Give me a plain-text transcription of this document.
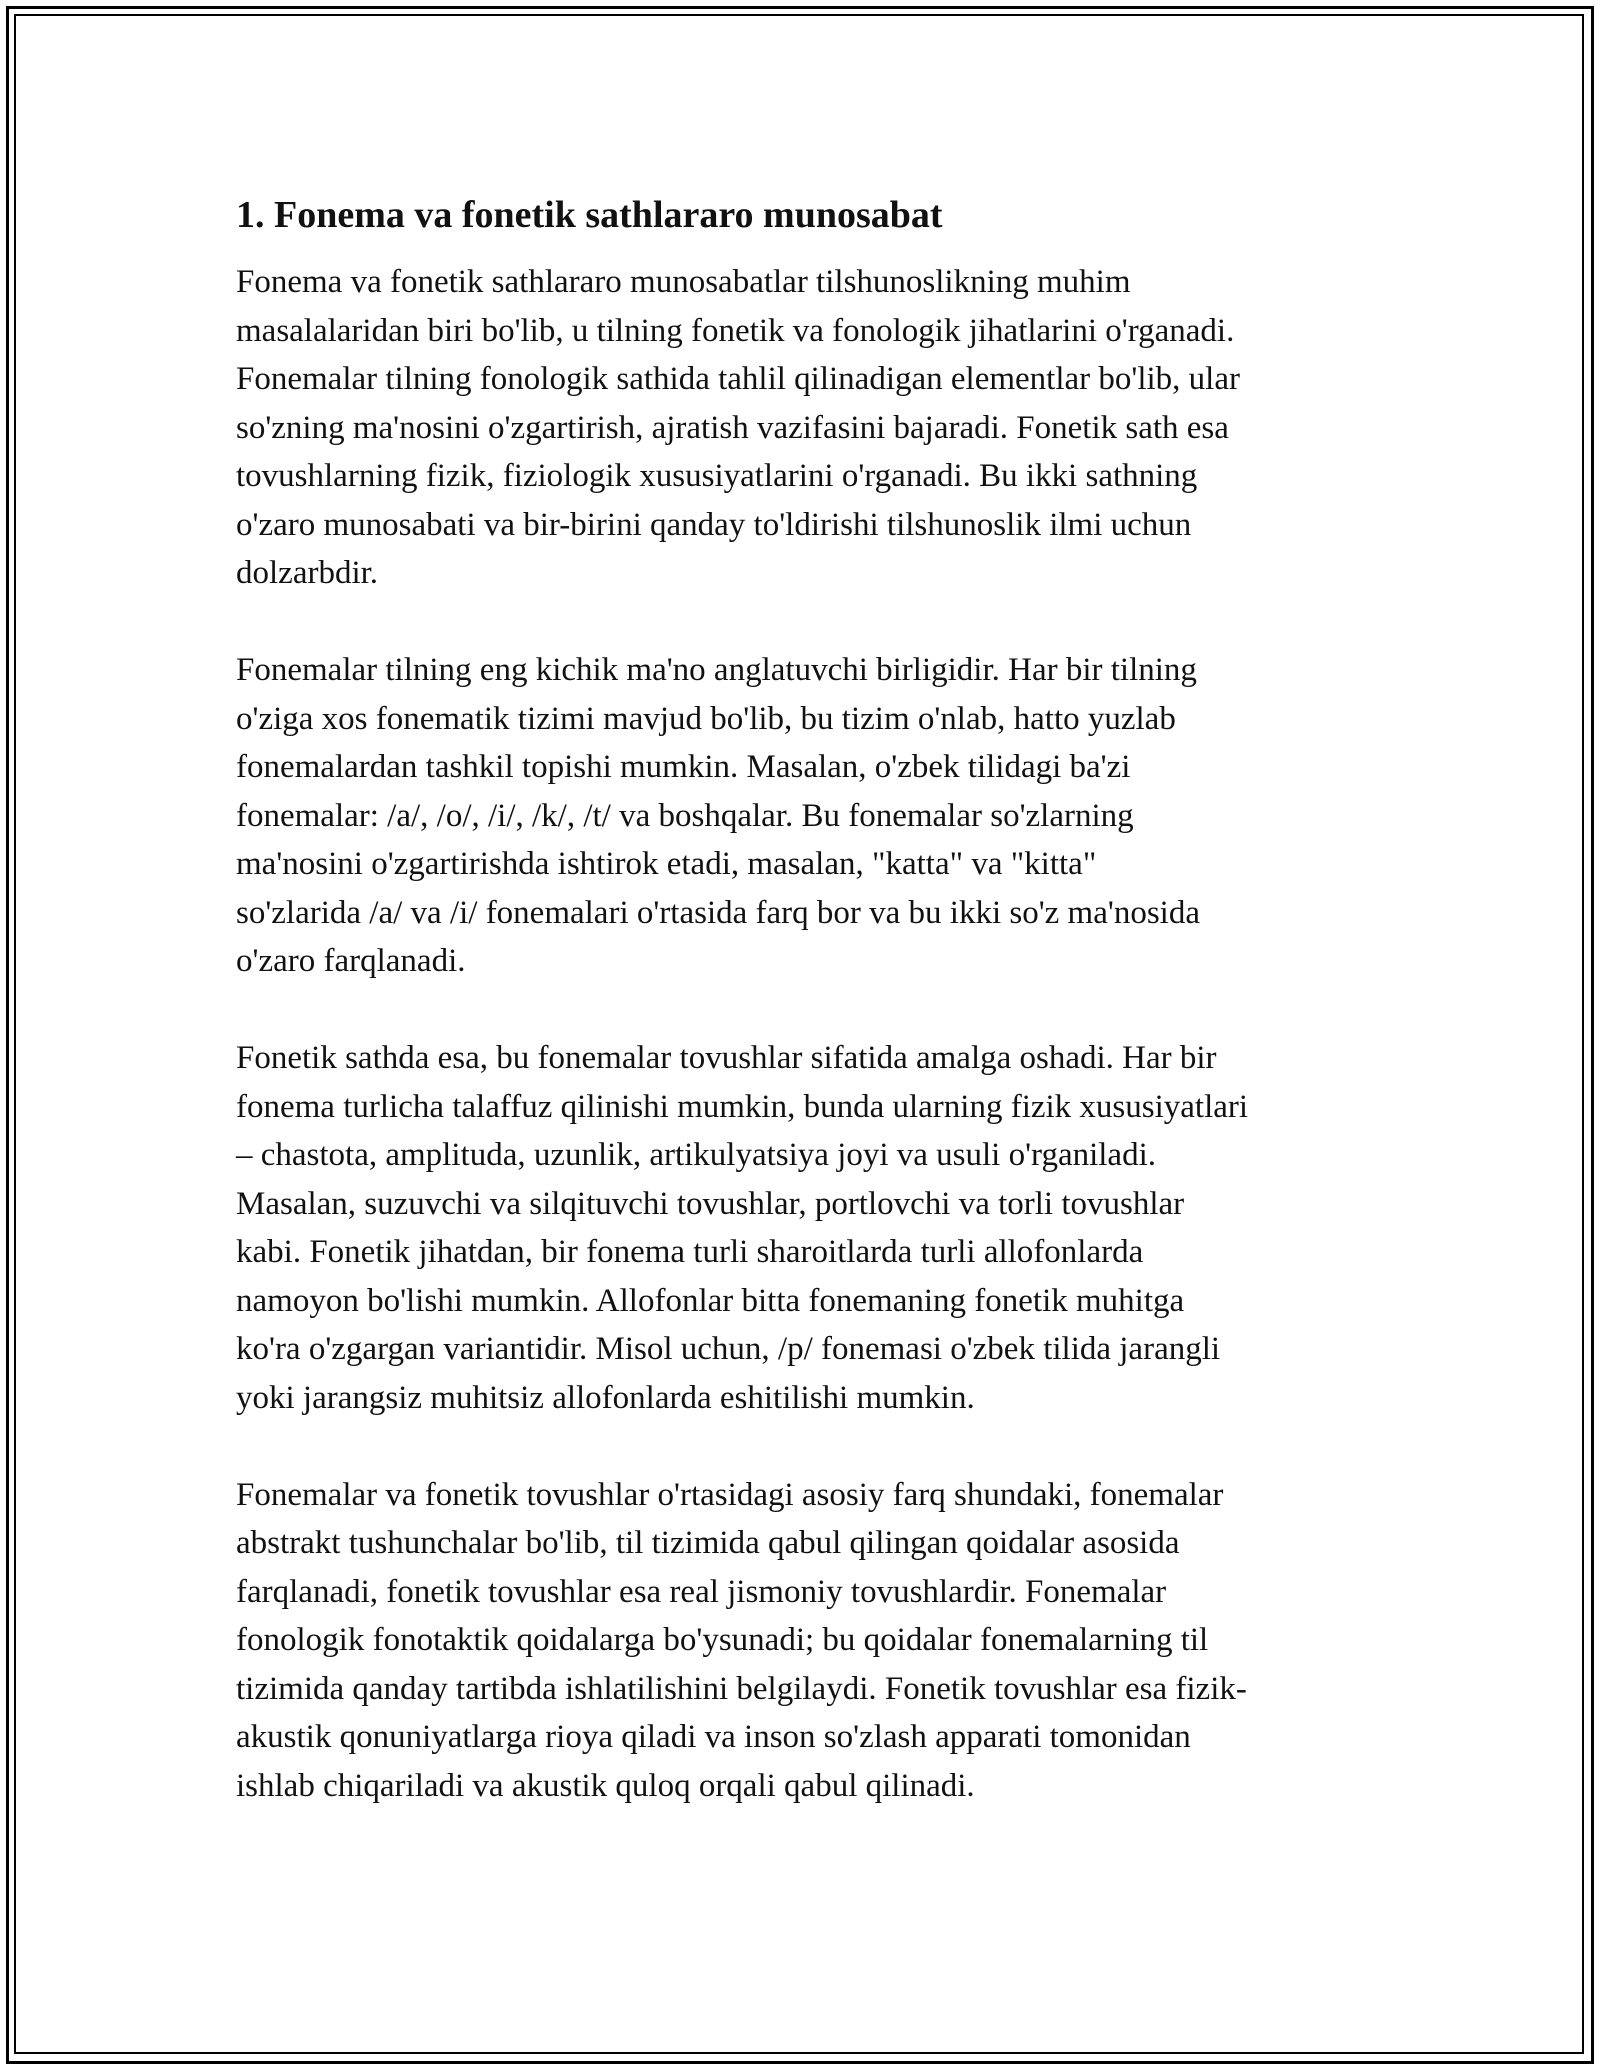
1. Fonema va fonetik sathlararo munosabat
Fonema va fonetik sathlararo munosabatlar tilshunoslikning muhim
masalalaridan biri bo'lib, u tilning fonetik va fonologik jihatlarini o'rganadi.
Fonemalar tilning fonologik sathida tahlil qilinadigan elementlar bo'lib, ular
so'zning ma'nosini o'zgartirish, ajratish vazifasini bajaradi. Fonetik sath esa
tovushlarning fizik, fiziologik xususiyatlarini o'rganadi. Bu ikki sathning
o'zaro munosabati va bir-birini qanday to'ldirishi tilshunoslik ilmi uchun
dolzarbdir.
Fonemalar tilning eng kichik ma'no anglatuvchi birligidir. Har bir tilning
o'ziga xos fonematik tizimi mavjud bo'lib, bu tizim o'nlab, hatto yuzlab
fonemalardan tashkil topishi mumkin. Masalan, o'zbek tilidagi ba'zi
fonemalar: /a/, /o/, /i/, /k/, /t/ va boshqalar. Bu fonemalar so'zlarning
ma'nosini o'zgartirishda ishtirok etadi, masalan, "katta" va "kitta"
so'zlarida /a/ va /i/ fonemalari o'rtasida farq bor va bu ikki so'z ma'nosida
o'zaro farqlanadi.
Fonetik sathda esa, bu fonemalar tovushlar sifatida amalga oshadi. Har bir
fonema turlicha talaffuz qilinishi mumkin, bunda ularning fizik xususiyatlari
– chastota, amplituda, uzunlik, artikulyatsiya joyi va usuli o'rganiladi.
Masalan, suzuvchi va silqituvchi tovushlar, portlovchi va torli tovushlar
kabi. Fonetik jihatdan, bir fonema turli sharoitlarda turli allofonlarda
namoyon bo'lishi mumkin. Allofonlar bitta fonemaning fonetik muhitga
ko'ra o'zgargan variantidir. Misol uchun, /p/ fonemasi o'zbek tilida jarangli
yoki jarangsiz muhitsiz allofonlarda eshitilishi mumkin.
Fonemalar va fonetik tovushlar o'rtasidagi asosiy farq shundaki, fonemalar
abstrakt tushunchalar bo'lib, til tizimida qabul qilingan qoidalar asosida
farqlanadi, fonetik tovushlar esa real jismoniy tovushlardir. Fonemalar
fonologik fonotaktik qoidalarga bo'ysunadi; bu qoidalar fonemalarning til
tizimida qanday tartibda ishlatilishini belgilaydi. Fonetik tovushlar esa fizik-
akustik qonuniyatlarga rioya qiladi va inson so'zlash apparati tomonidan
ishlab chiqariladi va akustik quloq orqali qabul qilinadi.
